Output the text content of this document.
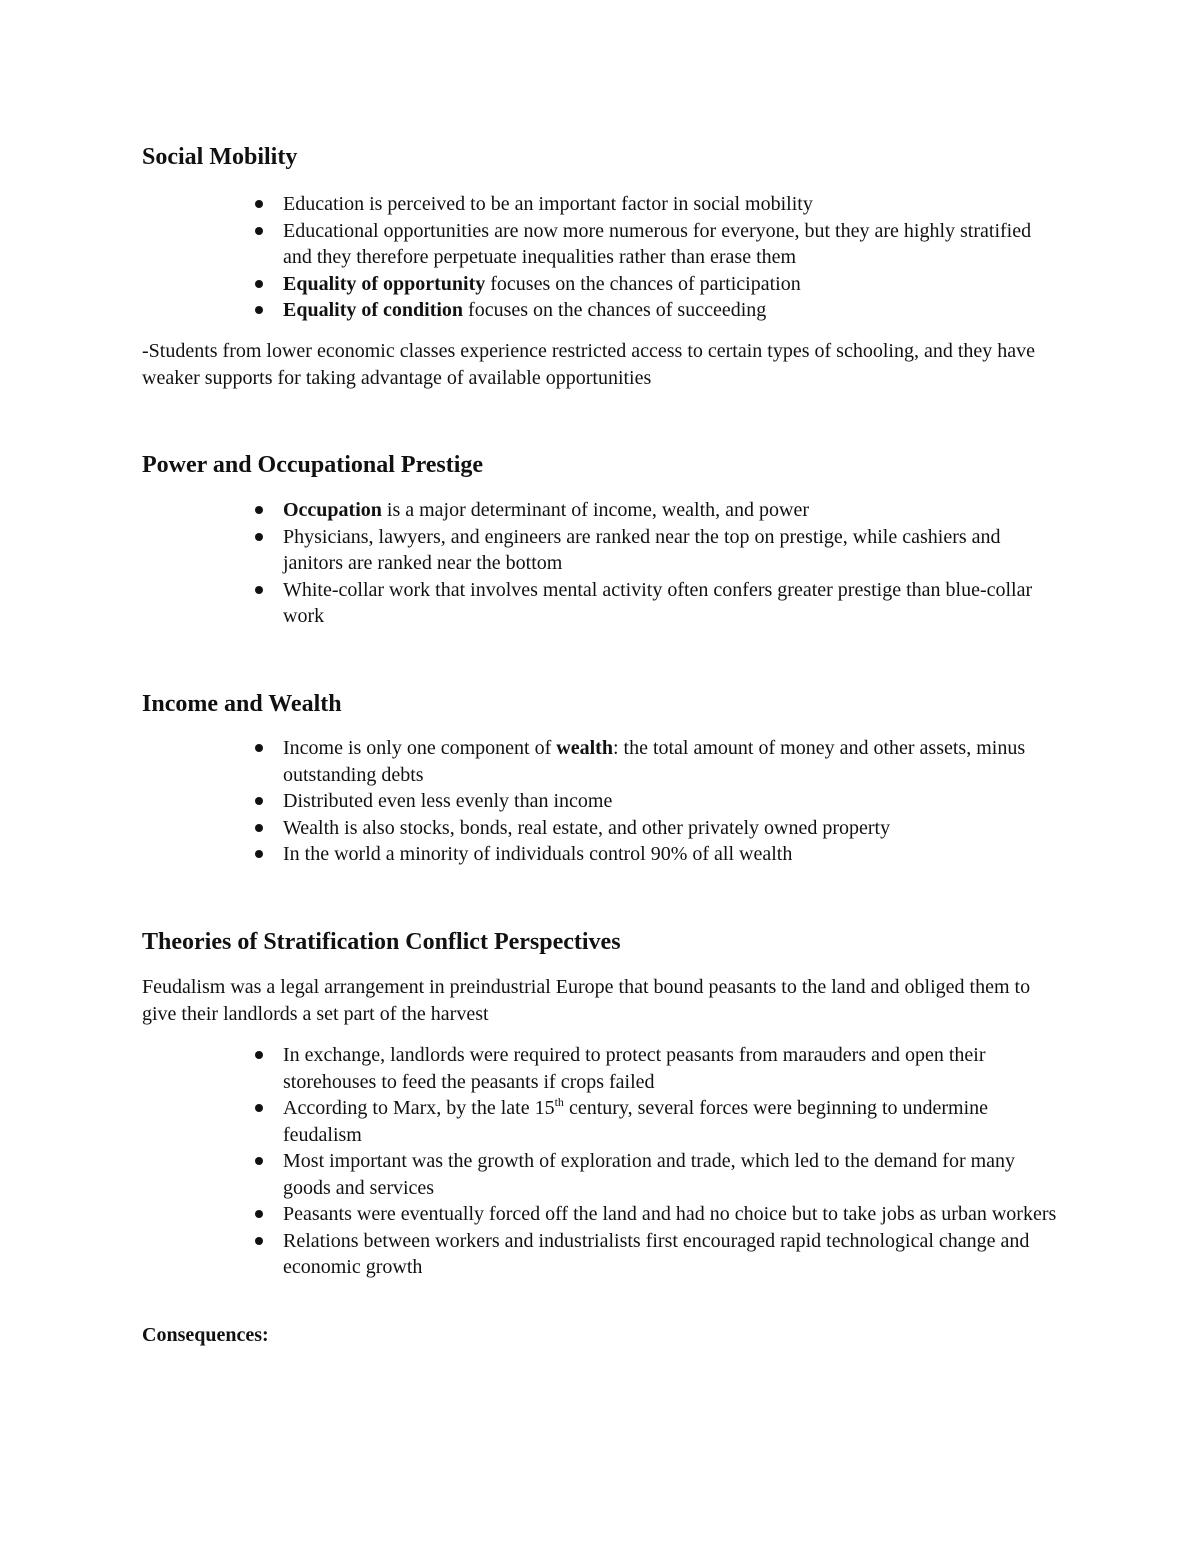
Social Mobility
Education is perceived to be an important factor in social mobility
Educational opportunities are now more numerous for everyone, but they are highly stratified and they therefore perpetuate inequalities rather than erase them
Equality of opportunity focuses on the chances of participation
Equality of condition focuses on the chances of succeeding

-Students from lower economic classes experience restricted access to certain types of schooling, and they have weaker supports for taking advantage of available opportunities

Power and Occupational Prestige
Occupation is a major determinant of income, wealth, and power
Physicians, lawyers, and engineers are ranked near the top on prestige, while cashiers and janitors are ranked near the bottom
White-collar work that involves mental activity often confers greater prestige than blue-collar work
Income and Wealth
Income is only one component of wealth: the total amount of money and other assets, minus outstanding debts
Distributed even less evenly than income
Wealth is also stocks, bonds, real estate, and other privately owned property
In the world a minority of individuals control 90% of all wealth
Theories of Stratification Conflict Perspectives

Feudalism was a legal arrangement in preindustrial Europe that bound peasants to the land and obliged them to give their landlords a set part of the harvest

In exchange, landlords were required to protect peasants from marauders and open their storehouses to feed the peasants if crops failed
According to Marx, by the late 15th century, several forces were beginning to undermine feudalism
Most important was the growth of exploration and trade, which led to the demand for many goods and services
Peasants were eventually forced off the land and had no choice but to take jobs as urban workers
Relations between workers and industrialists first encouraged rapid technological change and economic growth

Consequences:
